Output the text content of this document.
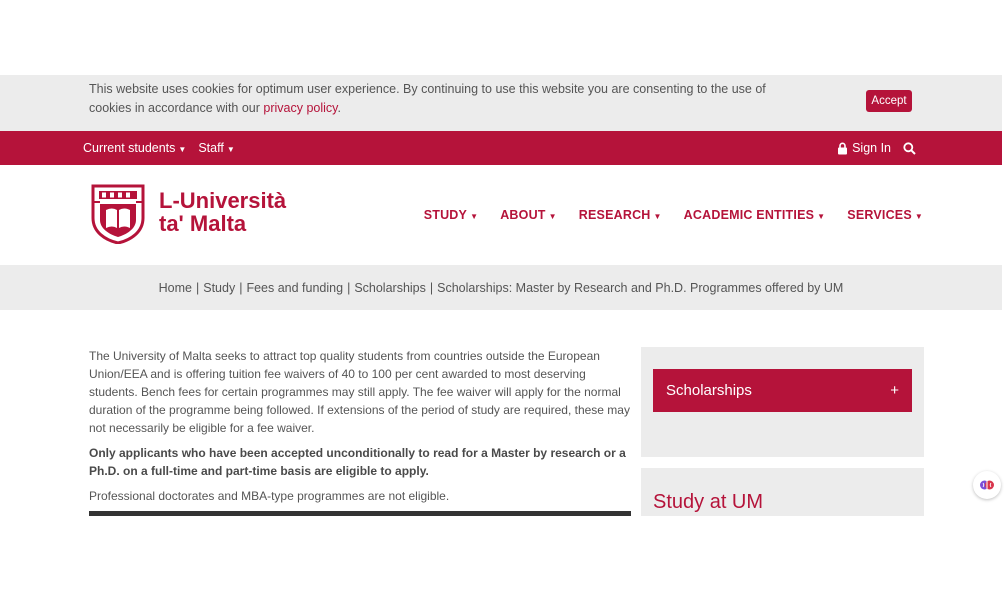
This website uses cookies for optimum user experience. By continuing to use this website you are consenting to the use of cookies in accordance with our privacy policy.	Accept
Current students ▼ Staff ▼	Sign In
L-Università
ta' Malta	STUDY ▼ ABOUT ▼ RESEARCH ▼ ACADEMIC ENTITIES ▼ SERVICES ▼
Home | Study | Fees and funding | Scholarships | Scholarships: Master by Research and Ph.D. Programmes offered by UM

The University of Malta seeks to attract top quality students from countries outside the European Union/EEA and is offering tuition fee waivers of 40 to 100 per cent awarded to most deserving students. Bench fees for certain programmes may still apply. The fee waiver will apply for the normal duration of the programme being followed. If extensions of the period of study are required, these may not necessarily be eligible for a fee waiver.

Only applicants who have been accepted unconditionally to read for a Master by research or a Ph.D. on a full-time and part-time basis are eligible to apply.

Professional doctorates and MBA-type programmes are not eligible.

Scholarships	+
Study at UM
